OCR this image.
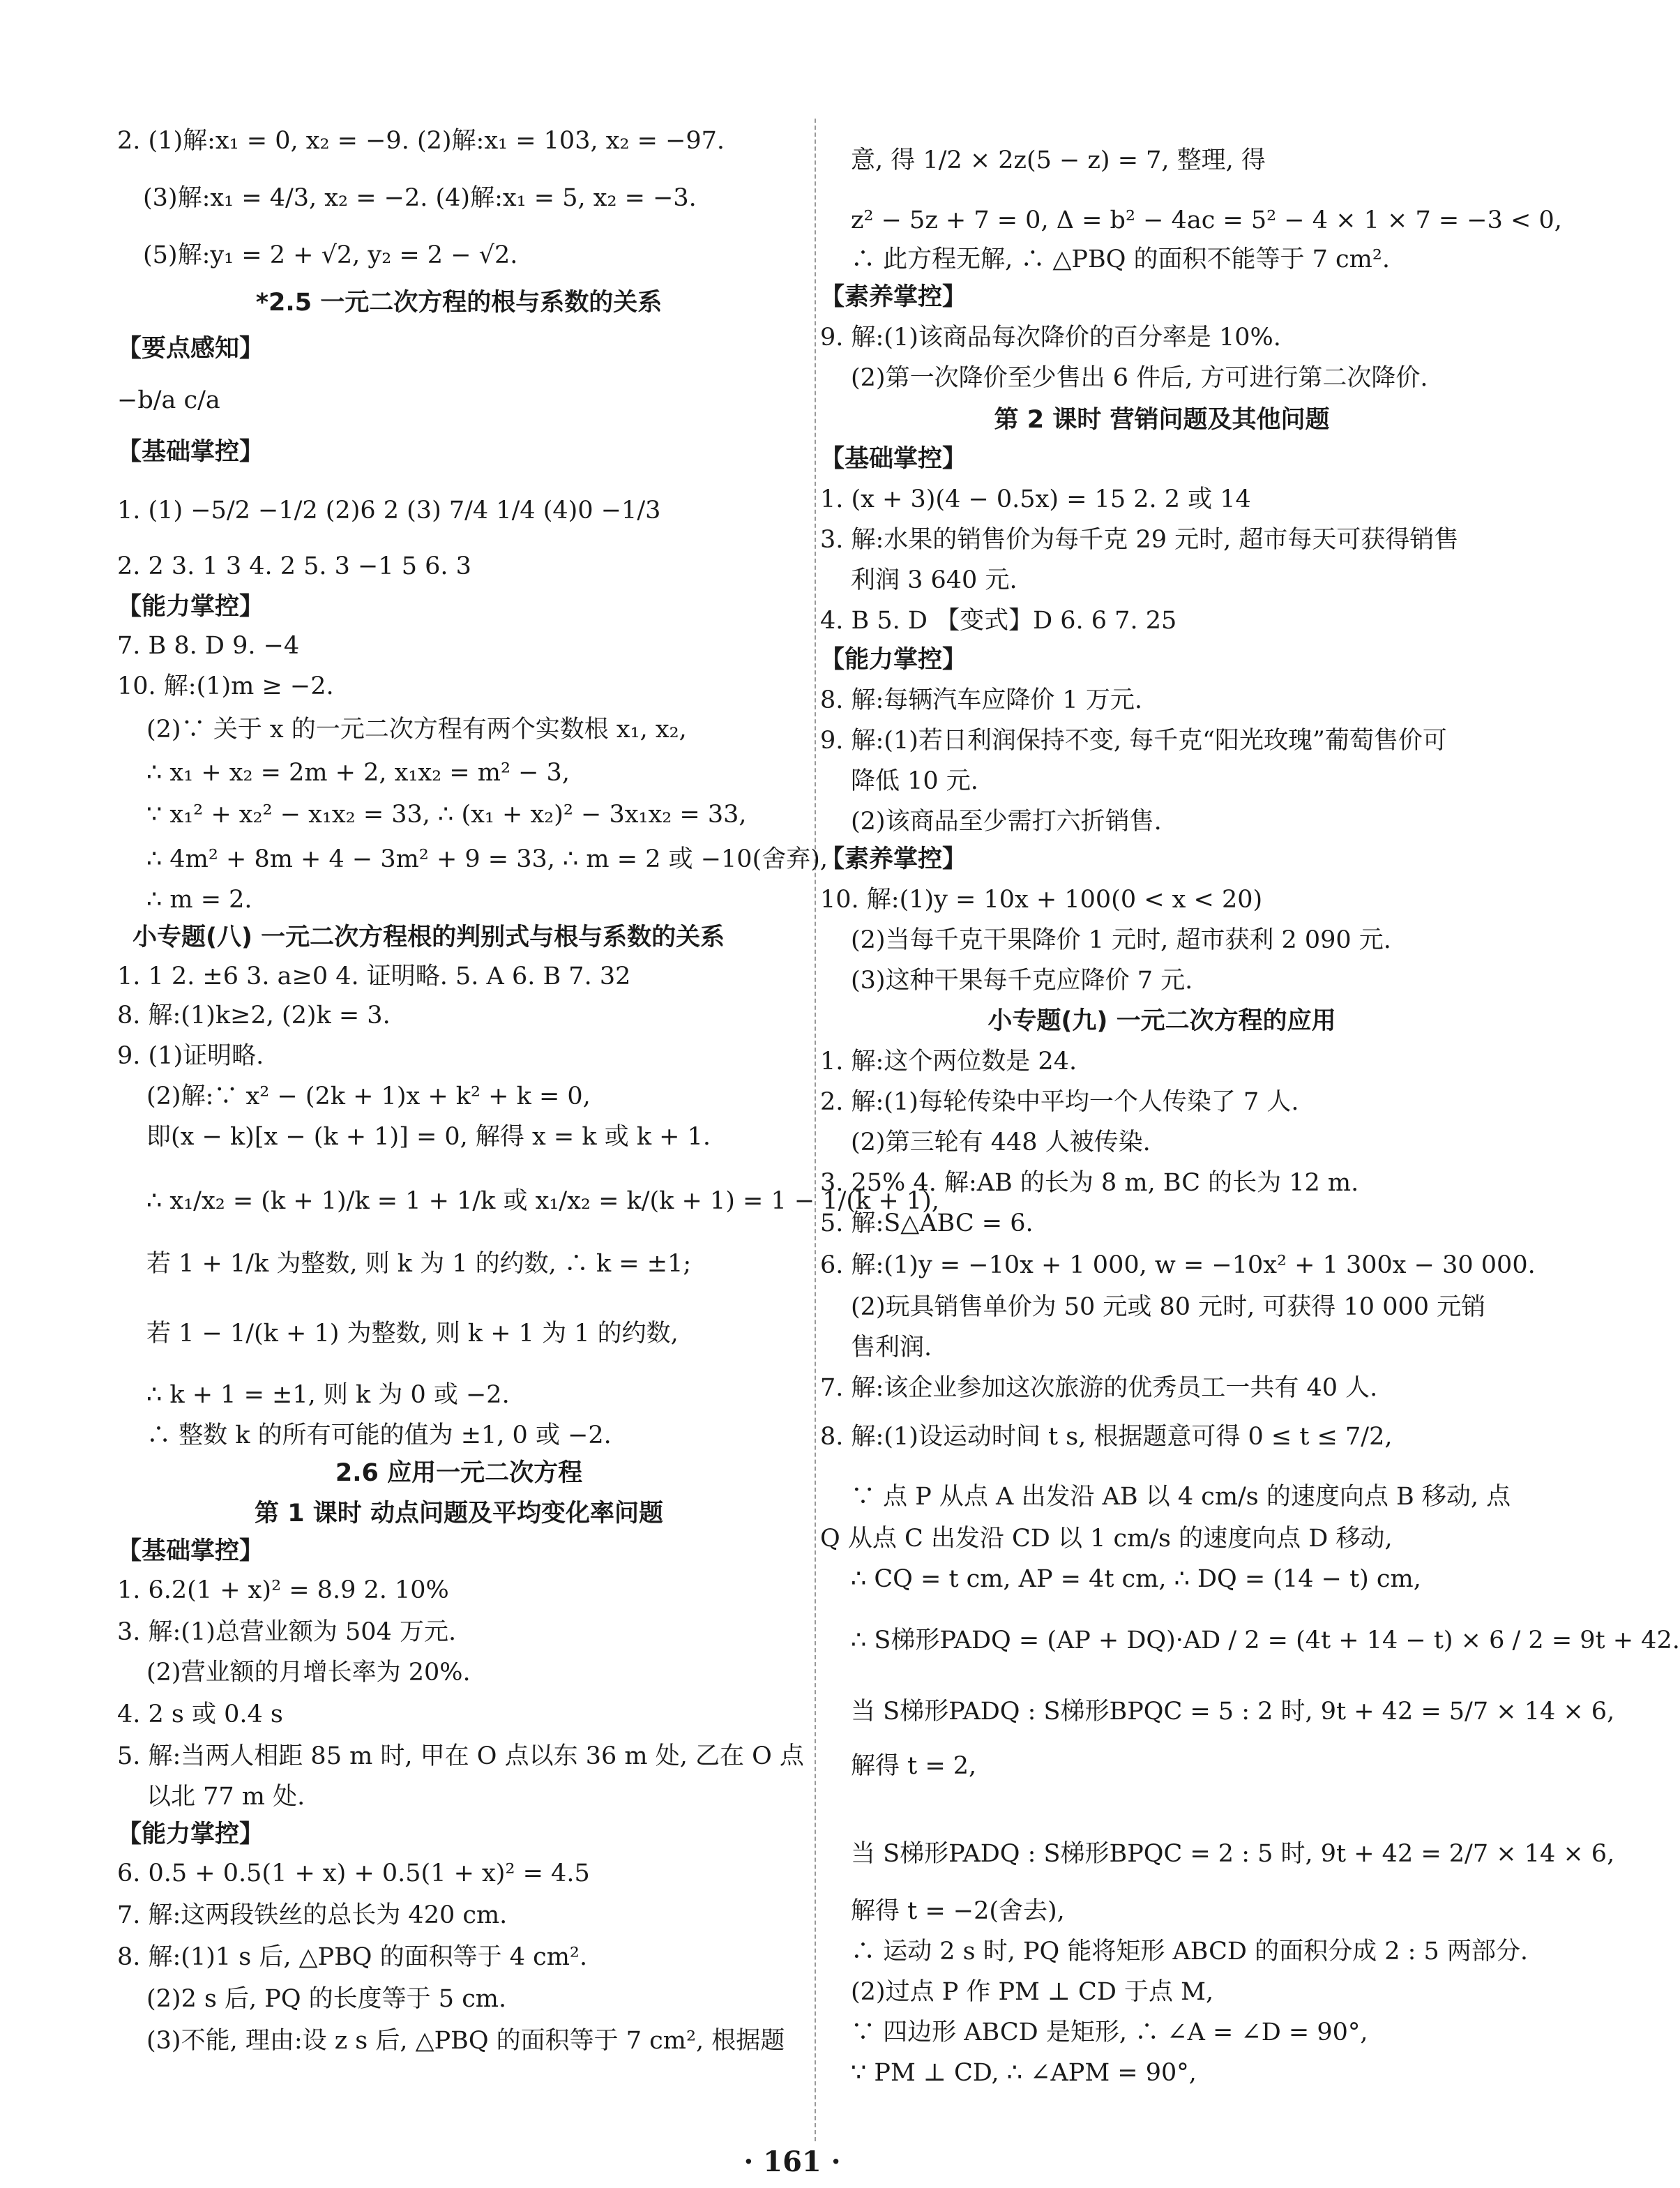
2. (1)解:x₁ = 0, x₂ = −9. (2)解:x₁ = 103, x₂ = −97.
(3)解:x₁ = 4/3, x₂ = −2. (4)解:x₁ = 5, x₂ = −3.
(5)解:y₁ = 2 + √2, y₂ = 2 − √2.
*2.5 一元二次方程的根与系数的关系
【要点感知】
−b/a c/a
【基础掌控】
1. (1) −5/2 −1/2 (2)6 2 (3) 7/4 1/4 (4)0 −1/3
2. 2 3. 1 3 4. 2 5. 3 −1 5 6. 3
【能力掌控】
7. B 8. D 9. −4
10. 解:(1)m ≥ −2.
(2)∵ 关于 x 的一元二次方程有两个实数根 x₁, x₂,
∴ x₁ + x₂ = 2m + 2, x₁x₂ = m² − 3,
∵ x₁² + x₂² − x₁x₂ = 33, ∴ (x₁ + x₂)² − 3x₁x₂ = 33,
∴ 4m² + 8m + 4 − 3m² + 9 = 33, ∴ m = 2 或 −10(舍弃),
∴ m = 2.
小专题(八) 一元二次方程根的判别式与根与系数的关系
1. 1 2. ±6 3. a≥0 4. 证明略. 5. A 6. B 7. 32
8. 解:(1)k≥2, (2)k = 3.
9. (1)证明略.
(2)解:∵ x² − (2k + 1)x + k² + k = 0,
即(x − k)[x − (k + 1)] = 0, 解得 x = k 或 k + 1.
∴ x₁/x₂ = (k + 1)/k = 1 + 1/k 或 x₁/x₂ = k/(k + 1) = 1 − 1/(k + 1),
若 1 + 1/k 为整数, 则 k 为 1 的约数, ∴ k = ±1;
若 1 − 1/(k + 1) 为整数, 则 k + 1 为 1 的约数,
∴ k + 1 = ±1, 则 k 为 0 或 −2.
∴ 整数 k 的所有可能的值为 ±1, 0 或 −2.
2.6 应用一元二次方程
第 1 课时 动点问题及平均变化率问题
【基础掌控】
1. 6.2(1 + x)² = 8.9 2. 10%
3. 解:(1)总营业额为 504 万元.
(2)营业额的月增长率为 20%.
4. 2 s 或 0.4 s
5. 解:当两人相距 85 m 时, 甲在 O 点以东 36 m 处, 乙在 O 点
以北 77 m 处.
【能力掌控】
6. 0.5 + 0.5(1 + x) + 0.5(1 + x)² = 4.5
7. 解:这两段铁丝的总长为 420 cm.
8. 解:(1)1 s 后, △PBQ 的面积等于 4 cm².
(2)2 s 后, PQ 的长度等于 5 cm.
(3)不能, 理由:设 z s 后, △PBQ 的面积等于 7 cm², 根据题
意, 得 1/2 × 2z(5 − z) = 7, 整理, 得
z² − 5z + 7 = 0, Δ = b² − 4ac = 5² − 4 × 1 × 7 = −3 < 0,
∴ 此方程无解, ∴ △PBQ 的面积不能等于 7 cm².
【素养掌控】
9. 解:(1)该商品每次降价的百分率是 10%.
(2)第一次降价至少售出 6 件后, 方可进行第二次降价.
第 2 课时 营销问题及其他问题
【基础掌控】
1. (x + 3)(4 − 0.5x) = 15 2. 2 或 14
3. 解:水果的销售价为每千克 29 元时, 超市每天可获得销售
利润 3 640 元.
4. B 5. D 【变式】D 6. 6 7. 25
【能力掌控】
8. 解:每辆汽车应降价 1 万元.
9. 解:(1)若日利润保持不变, 每千克“阳光玫瑰”葡萄售价可
降低 10 元.
(2)该商品至少需打六折销售.
【素养掌控】
10. 解:(1)y = 10x + 100(0 < x < 20)
(2)当每千克干果降价 1 元时, 超市获利 2 090 元.
(3)这种干果每千克应降价 7 元.
小专题(九) 一元二次方程的应用
1. 解:这个两位数是 24.
2. 解:(1)每轮传染中平均一个人传染了 7 人.
(2)第三轮有 448 人被传染.
3. 25% 4. 解:AB 的长为 8 m, BC 的长为 12 m.
5. 解:S△ABC = 6.
6. 解:(1)y = −10x + 1 000, w = −10x² + 1 300x − 30 000.
(2)玩具销售单价为 50 元或 80 元时, 可获得 10 000 元销
售利润.
7. 解:该企业参加这次旅游的优秀员工一共有 40 人.
8. 解:(1)设运动时间 t s, 根据题意可得 0 ≤ t ≤ 7/2,
∵ 点 P 从点 A 出发沿 AB 以 4 cm/s 的速度向点 B 移动, 点
Q 从点 C 出发沿 CD 以 1 cm/s 的速度向点 D 移动,
∴ CQ = t cm, AP = 4t cm, ∴ DQ = (14 − t) cm,
∴ S梯形PADQ = (AP + DQ)·AD / 2 = (4t + 14 − t) × 6 / 2 = 9t + 42.
当 S梯形PADQ : S梯形BPQC = 5 : 2 时, 9t + 42 = 5/7 × 14 × 6,
解得 t = 2,
当 S梯形PADQ : S梯形BPQC = 2 : 5 时, 9t + 42 = 2/7 × 14 × 6,
解得 t = −2(舍去),
∴ 运动 2 s 时, PQ 能将矩形 ABCD 的面积分成 2 : 5 两部分.
(2)过点 P 作 PM ⊥ CD 于点 M,
∵ 四边形 ABCD 是矩形, ∴ ∠A = ∠D = 90°,
∵ PM ⊥ CD, ∴ ∠APM = 90°,
· 161 ·
